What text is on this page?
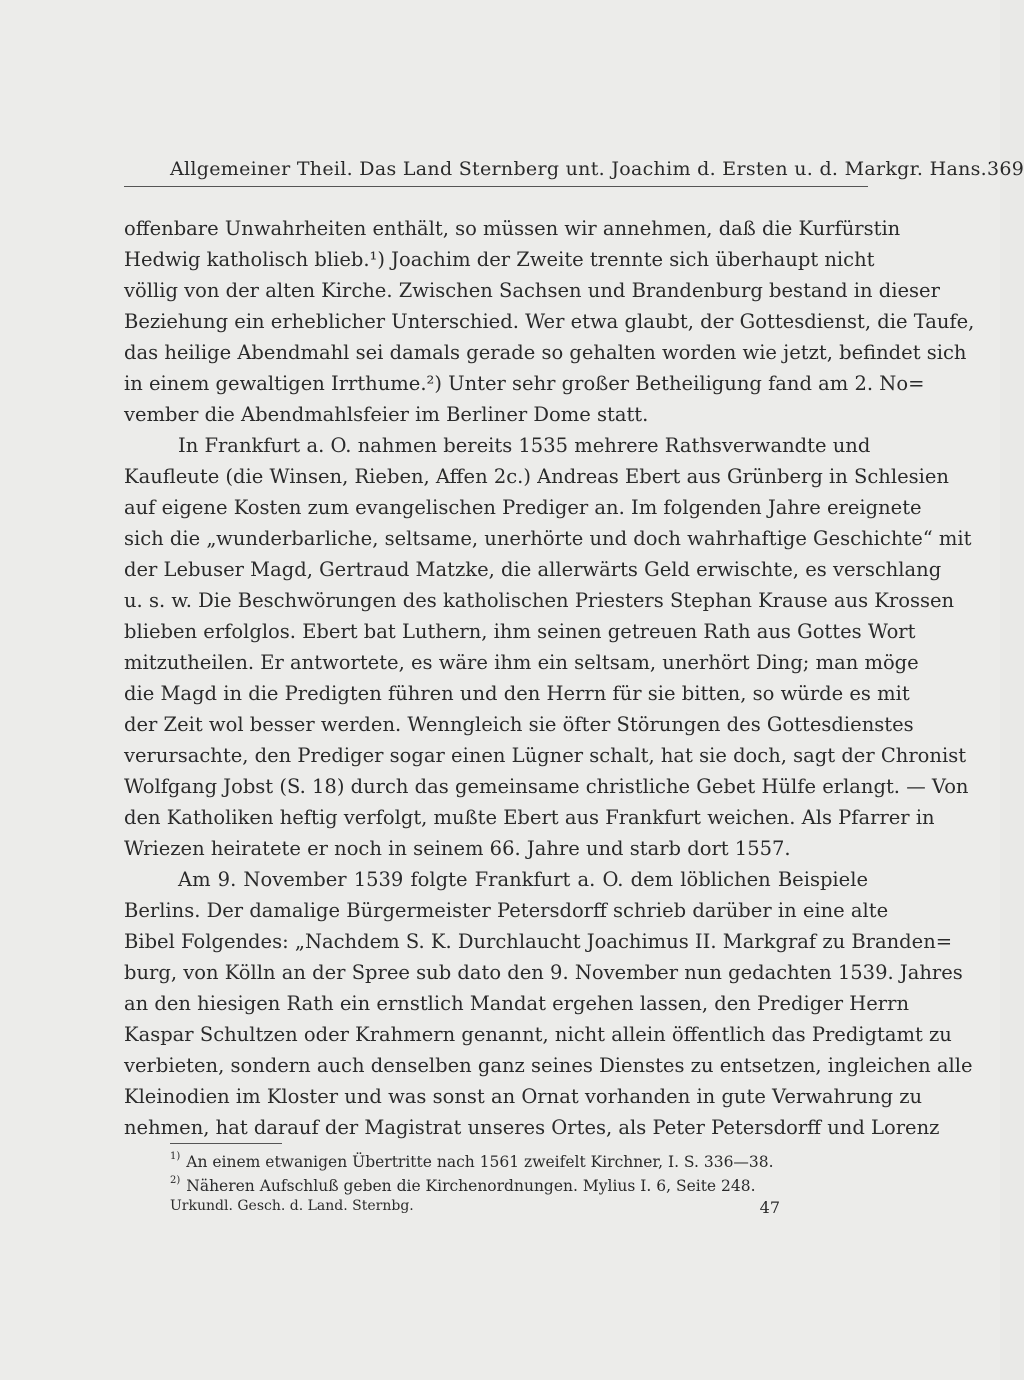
Allgemeiner Theil. Das Land Sternberg unt. Joachim d. Ersten u. d. Markgr. Hans. 369
offenbare Unwahrheiten enthält, so müssen wir annehmen, daß die Kurfürstin
Hedwig katholisch blieb.¹) Joachim der Zweite trennte sich überhaupt nicht
völlig von der alten Kirche. Zwischen Sachsen und Brandenburg bestand in dieser
Beziehung ein erheblicher Unterschied. Wer etwa glaubt, der Gottesdienst, die Taufe,
das heilige Abendmahl sei damals gerade so gehalten worden wie jetzt, befindet sich
in einem gewaltigen Irrthume.²) Unter sehr großer Betheiligung fand am 2. No=
vember die Abendmahlsfeier im Berliner Dome statt.
In Frankfurt a. O. nahmen bereits 1535 mehrere Rathsverwandte und
Kaufleute (die Winsen, Rieben, Affen 2c.) Andreas Ebert aus Grünberg in Schlesien
auf eigene Kosten zum evangelischen Prediger an. Im folgenden Jahre ereignete
sich die „wunderbarliche, seltsame, unerhörte und doch wahrhaftige Geschichte“ mit
der Lebuser Magd, Gertraud Matzke, die allerwärts Geld erwischte, es verschlang
u. s. w. Die Beschwörungen des katholischen Priesters Stephan Krause aus Krossen
blieben erfolglos. Ebert bat Luthern, ihm seinen getreuen Rath aus Gottes Wort
mitzutheilen. Er antwortete, es wäre ihm ein seltsam, unerhört Ding; man möge
die Magd in die Predigten führen und den Herrn für sie bitten, so würde es mit
der Zeit wol besser werden. Wenngleich sie öfter Störungen des Gottesdienstes
verursachte, den Prediger sogar einen Lügner schalt, hat sie doch, sagt der Chronist
Wolfgang Jobst (S. 18) durch das gemeinsame christliche Gebet Hülfe erlangt. — Von
den Katholiken heftig verfolgt, mußte Ebert aus Frankfurt weichen. Als Pfarrer in
Wriezen heiratete er noch in seinem 66. Jahre und starb dort 1557.
Am 9. November 1539 folgte Frankfurt a. O. dem löblichen Beispiele
Berlins. Der damalige Bürgermeister Petersdorff schrieb darüber in eine alte
Bibel Folgendes: „Nachdem S. K. Durchlaucht Joachimus II. Markgraf zu Branden=
burg, von Kölln an der Spree sub dato den 9. November nun gedachten 1539. Jahres
an den hiesigen Rath ein ernstlich Mandat ergehen lassen, den Prediger Herrn
Kaspar Schultzen oder Krahmern genannt, nicht allein öffentlich das Predigtamt zu
verbieten, sondern auch denselben ganz seines Dienstes zu entsetzen, ingleichen alle
Kleinodien im Kloster und was sonst an Ornat vorhanden in gute Verwahrung zu
nehmen, hat darauf der Magistrat unseres Ortes, als Peter Petersdorff und Lorenz
$^{1)}$ An einem etwanigen Übertritte nach 1561 zweifelt Kirchner, I. S. 336—38.
$^{2)}$ Näheren Aufschluß geben die Kirchenordnungen. Mylius I. 6, Seite 248.
Urkundl. Gesch. d. Land. Sternbg.	47
